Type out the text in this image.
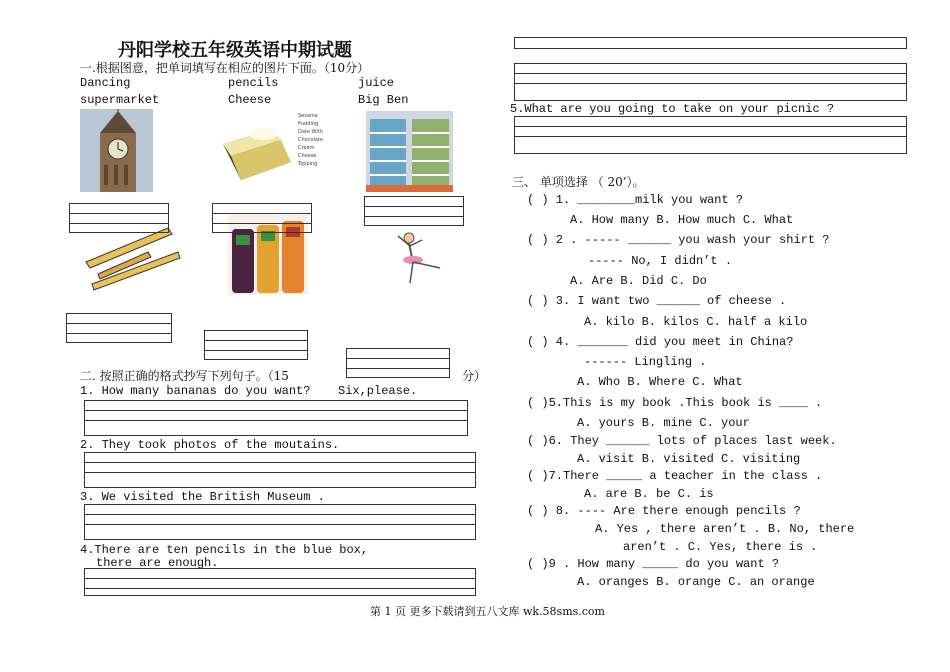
丹阳学校五年级英语中期试题
一.根据图意，把单词填写在相应的图片下面。（10分）
Dancing	pencils	juice
supermarket	Cheese	Big Ben
Sesame
Pudding
Date With
Chocolate
Cream
Cheese
Topping
二. 按照正确的格式抄写下列句子。（15	分）
1. How many bananas do you want? Six,please.
2. They took photos of the moutains.
3. We visited the British Museum .
4.There are ten pencils in the blue box,
there are enough.
5.What are you going to take on your picnic ?
三、 单项选择 （ 20’）。
( ) 1. ________milk you want ?
A. How many B. How much C. What
( ) 2 . ----- ______ you wash your shirt ?
----- No, I didn’t .
A. Are B. Did C. Do
( ) 3. I want two ______ of cheese .
A. kilo B. kilos C. half a kilo
( ) 4. _______ did you meet in China?
------ Lingling .
A. Who B. Where C. What
( )5.This is my book .This book is ____ .
A. yours B. mine C. your
( )6. They ______ lots of places last week.
A. visit B. visited C. visiting
( )7.There _____ a teacher in the class .
A. are B. be C. is
( ) 8. ---- Are there enough pencils ?
A. Yes , there aren’t . B. No, there
aren’t . C. Yes, there is .
( )9 . How many _____ do you want ?
A. oranges B. orange C. an orange
第 1 页 更多下载请到五八文库 wk.58sms.com
